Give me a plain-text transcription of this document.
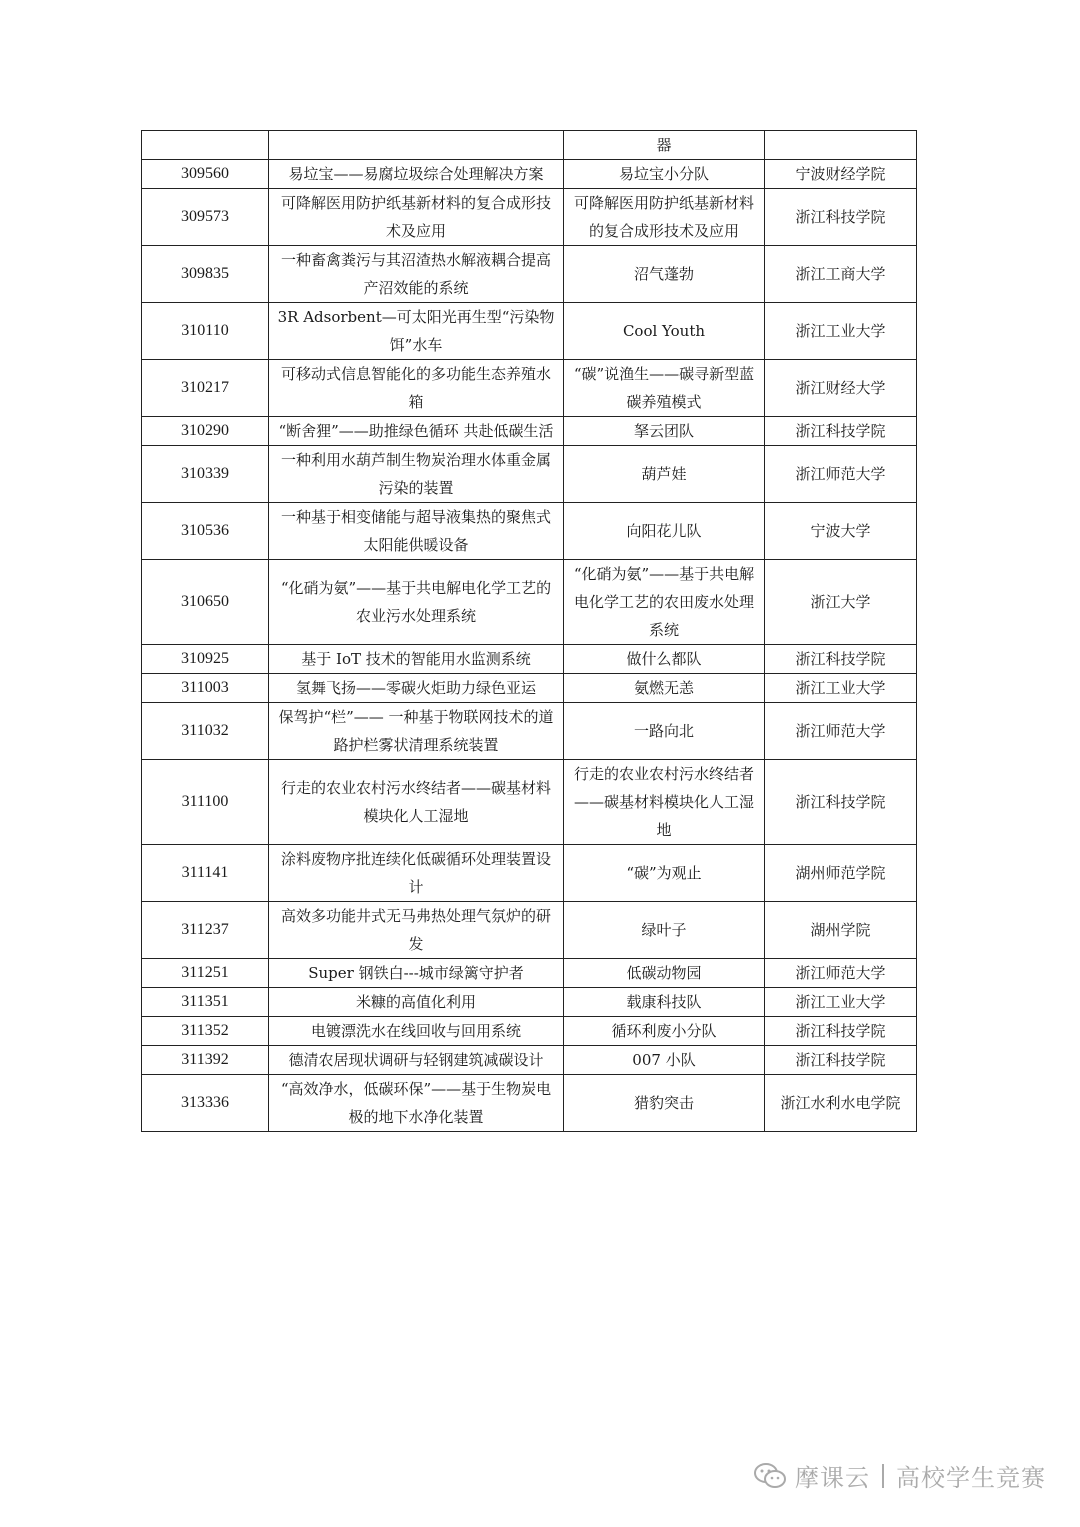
		器	
309560	易垃宝——易腐垃圾综合处理解决方案	易垃宝小分队	宁波财经学院
309573	可降解医用防护纸基新材料的复合成形技术及应用	可降解医用防护纸基新材料的复合成形技术及应用	浙江科技学院
309835	一种畜禽粪污与其沼渣热水解液耦合提高产沼效能的系统	沼气蓬勃	浙江工商大学
310110	3R Adsorbent—可太阳光再生型“污染物饵”水车	Cool Youth	浙江工业大学
310217	可移动式信息智能化的多功能生态养殖水箱	“碳”说渔生——碳寻新型蓝碳养殖模式	浙江财经大学
310290	“断舍狸”——助推绿色循环 共赴低碳生活	拏云团队	浙江科技学院
310339	一种利用水葫芦制生物炭治理水体重金属污染的装置	葫芦娃	浙江师范大学
310536	一种基于相变储能与超导液集热的聚焦式太阳能供暖设备	向阳花儿队	宁波大学
310650	“化硝为氨”——基于共电解电化学工艺的农业污水处理系统	“化硝为氨”——基于共电解电化学工艺的农田废水处理系统	浙江大学
310925	基于 IoT 技术的智能用水监测系统	做什么都队	浙江科技学院
311003	氢舞飞扬——零碳火炬助力绿色亚运	氨燃无恙	浙江工业大学
311032	保驾护“栏”—— 一种基于物联网技术的道路护栏雾状清理系统装置	一路向北	浙江师范大学
311100	行走的农业农村污水终结者——碳基材料模块化人工湿地	行走的农业农村污水终结者——碳基材料模块化人工湿地	浙江科技学院
311141	涂料废物序批连续化低碳循环处理装置设计	“碳”为观止	湖州师范学院
311237	高效多功能井式无马弗热处理气氛炉的研发	绿叶子	湖州学院
311251	Super 钢铁白---城市绿篱守护者	低碳动物园	浙江师范大学
311351	米糠的高值化利用	载康科技队	浙江工业大学
311352	电镀漂洗水在线回收与回用系统	循环利废小分队	浙江科技学院
311392	德清农居现状调研与轻钢建筑减碳设计	007 小队	浙江科技学院
313336	“高效净水，低碳环保”——基于生物炭电极的地下水净化装置	猎豹突击	浙江水利水电学院
摩课云 高校学生竞赛
